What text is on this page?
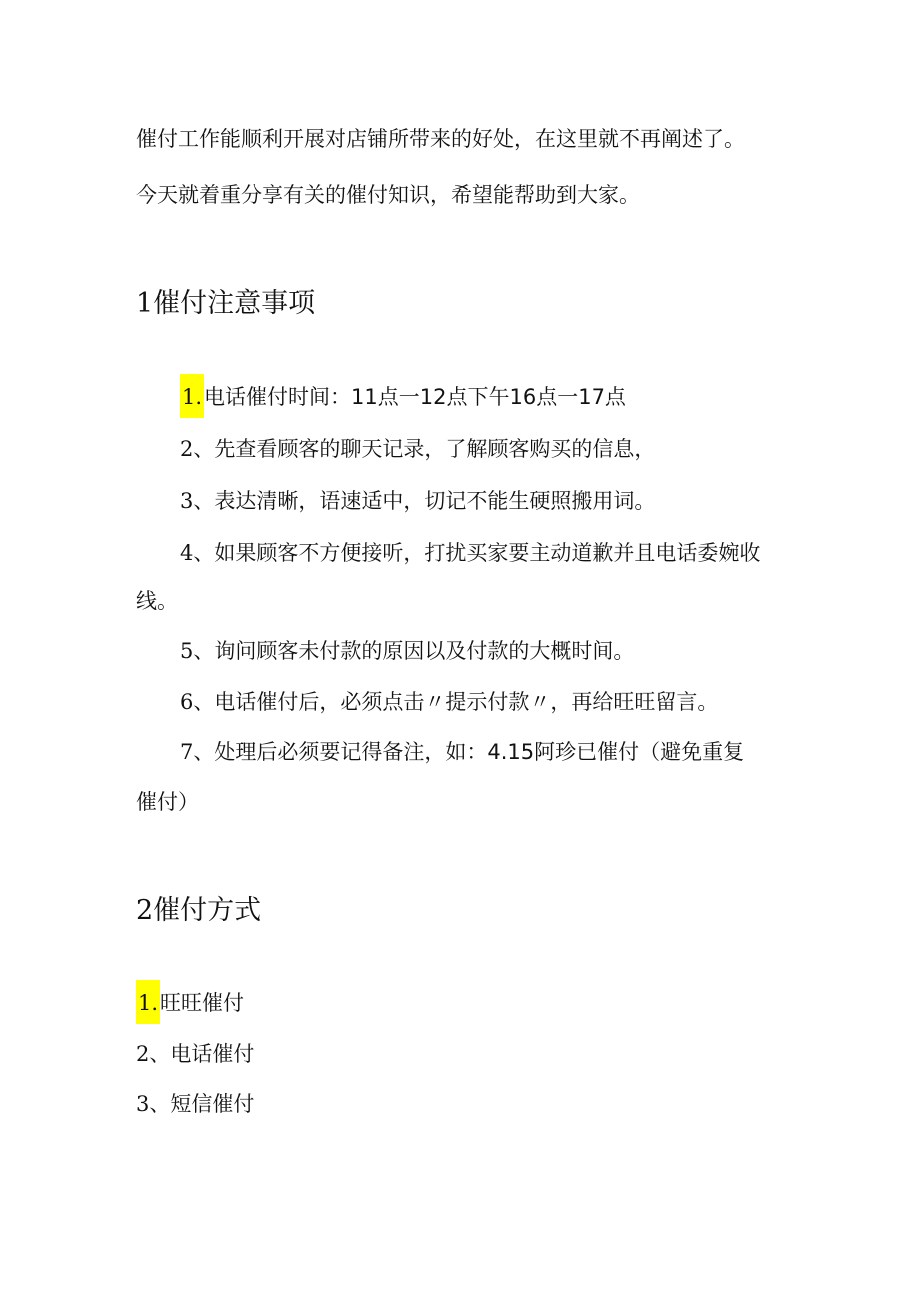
催付工作能顺利开展对店铺所带来的好处，在这里就不再阐述了。
今天就着重分享有关的催付知识，希望能帮助到大家。
1催付注意事项
1.电话催付时间：11点一12点下午16点一17点
2、先查看顾客的聊天记录，了解顾客购买的信息，
3、表达清晰，语速适中，切记不能生硬照搬用词。
4、如果顾客不方便接听，打扰买家要主动道歉并且电话委婉收
线。
5、询问顾客未付款的原因以及付款的大概时间。
6、电话催付后，必须点击〃提示付款〃，再给旺旺留言。
7、处理后必须要记得备注，如：4.15阿珍已催付（避免重复
催付）
2催付方式
1.旺旺催付
2、电话催付
3、短信催付
